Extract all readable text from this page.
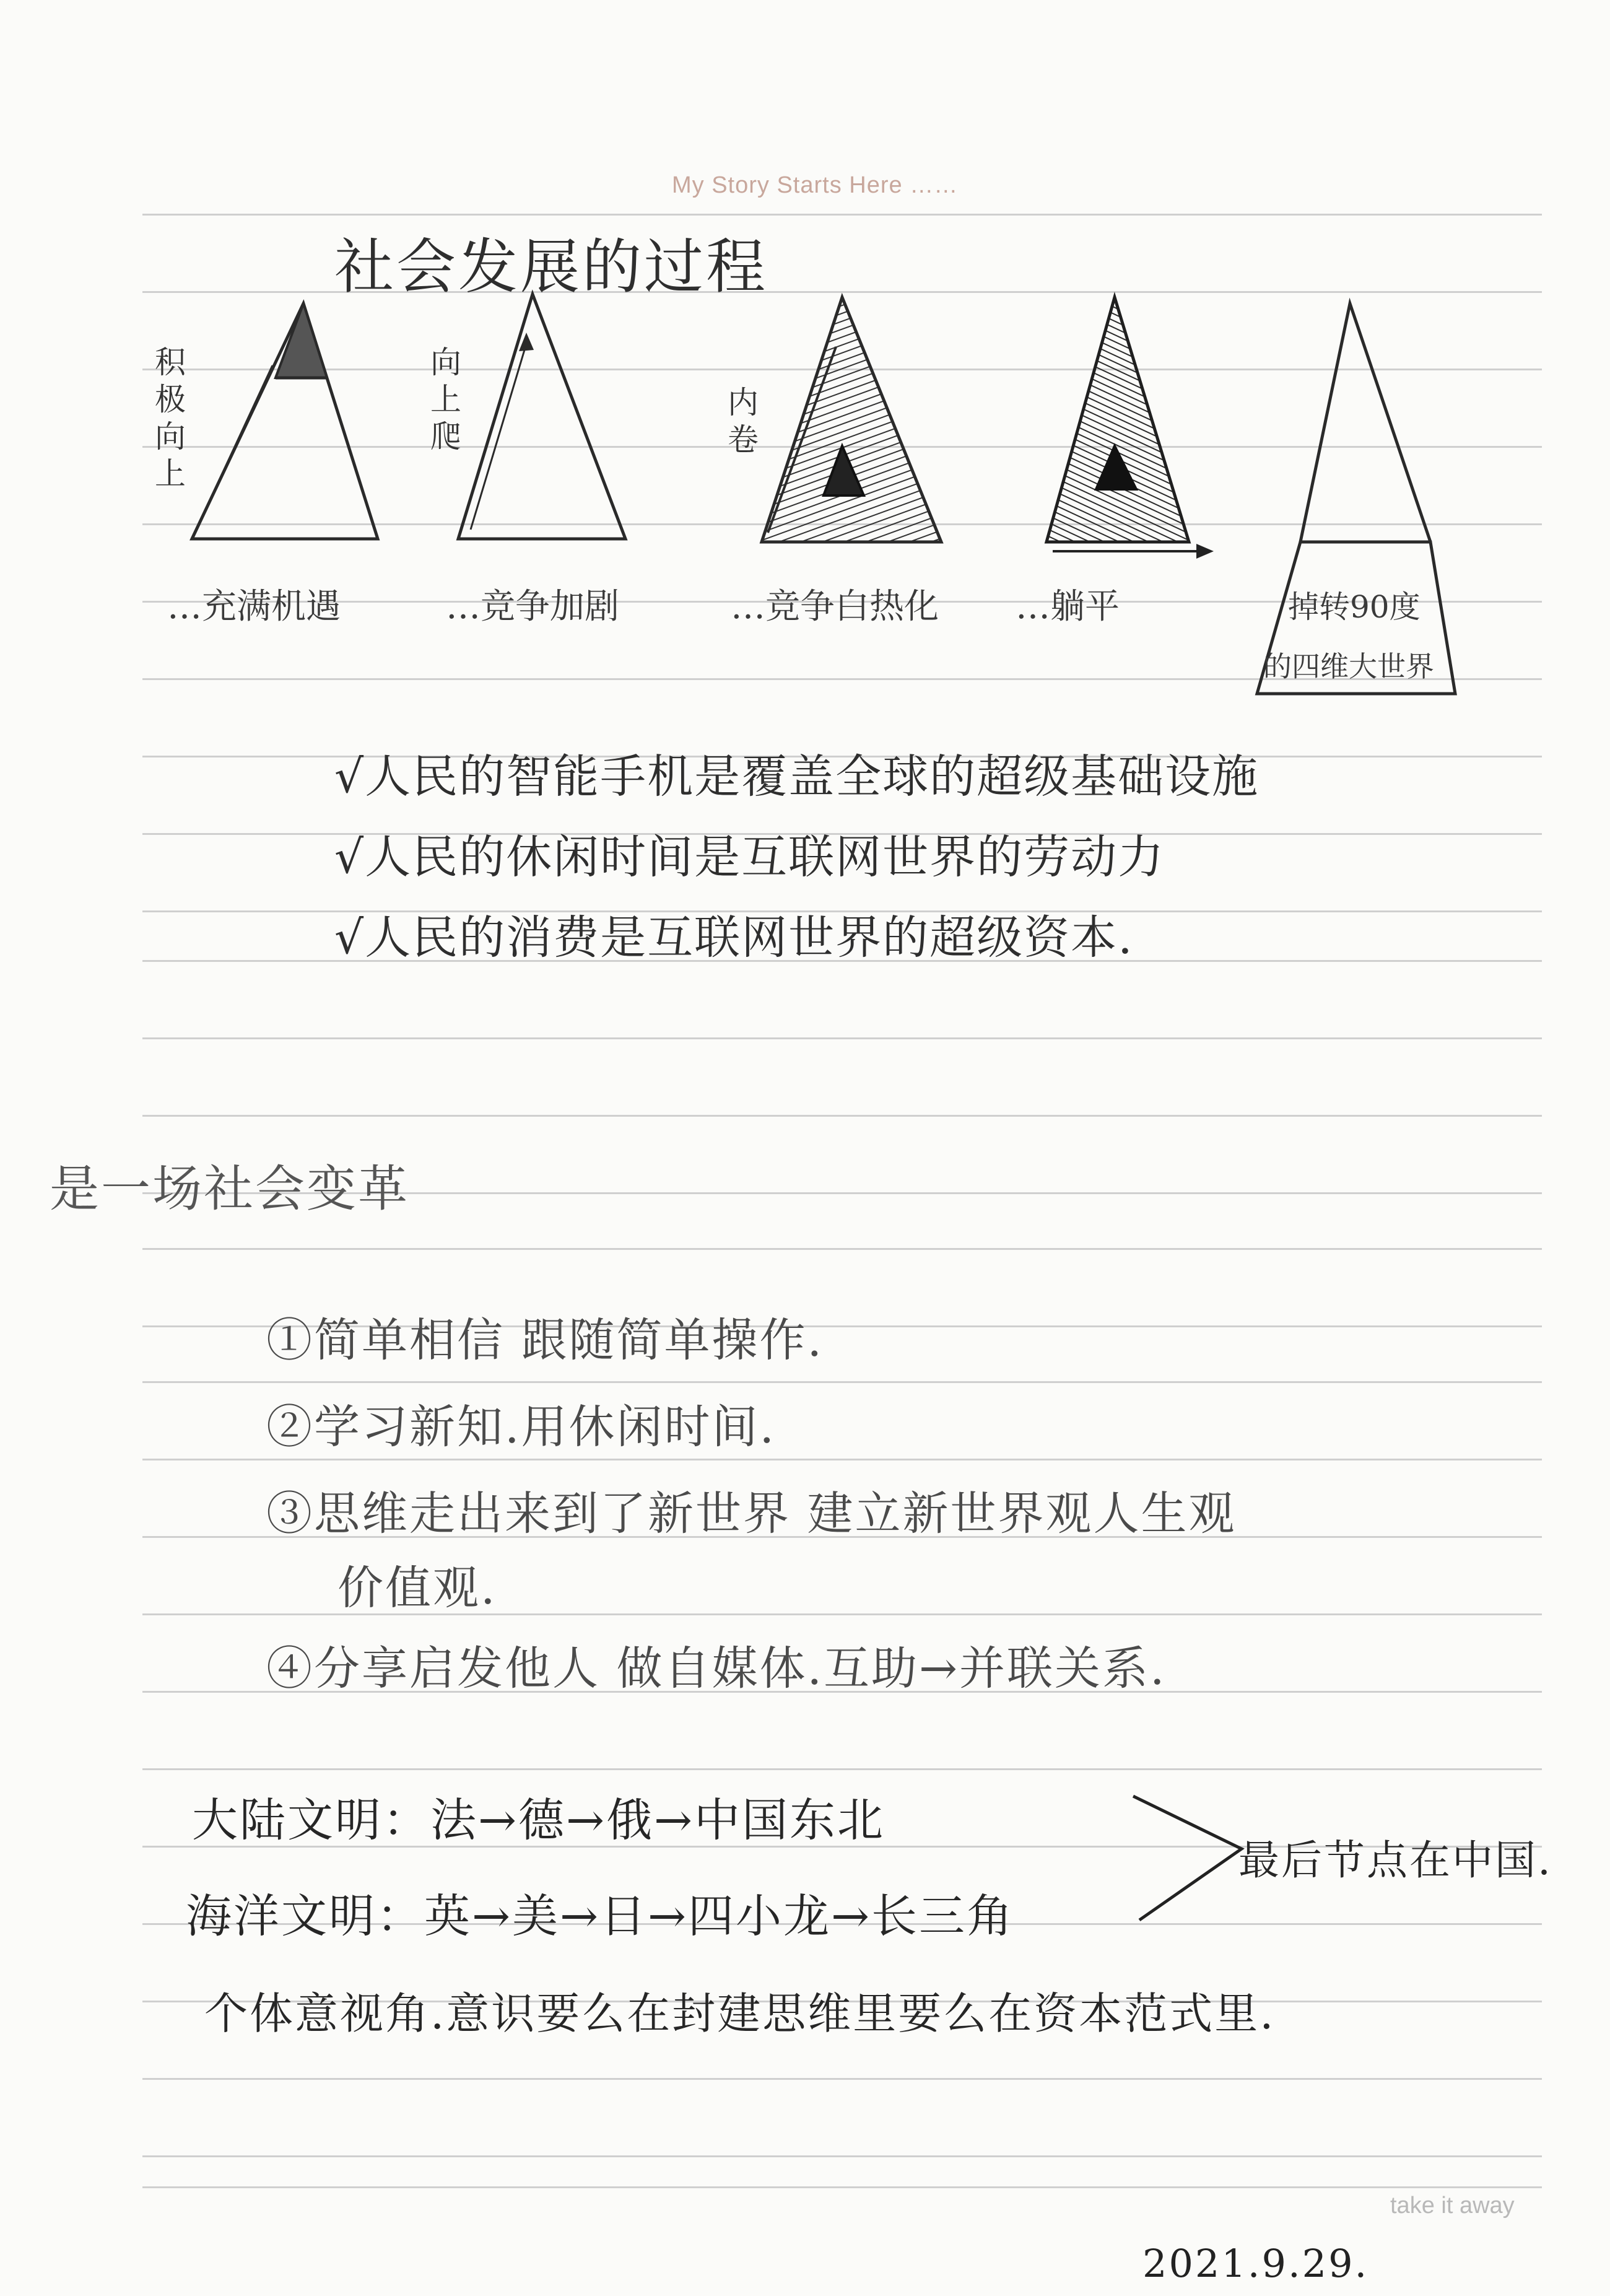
My Story Starts Here ……
take it away
社会发展的过程
积极向上
…充满机遇
向上爬
…竞争加剧
内卷
…竞争白热化 …躺平	掉转90度
的四维大世界
√人民的智能手机是覆盖全球的超级基础设施
√人民的休闲时间是互联网世界的劳动力
√人民的消费是互联网世界的超级资本.
是一场社会变革
①简单相信 跟随简单操作.
②学习新知.用休闲时间.
③思维走出来到了新世界 建立新世界观人生观
价值观.
④分享启发他人 做自媒体.互助→并联关系.
大陆文明：法→德→俄→中国东北
海洋文明：英→美→日→四小龙→长三角
最后节点在中国.
个体意视角.意识要么在封建思维里要么在资本范式里.
2021.9.29.
